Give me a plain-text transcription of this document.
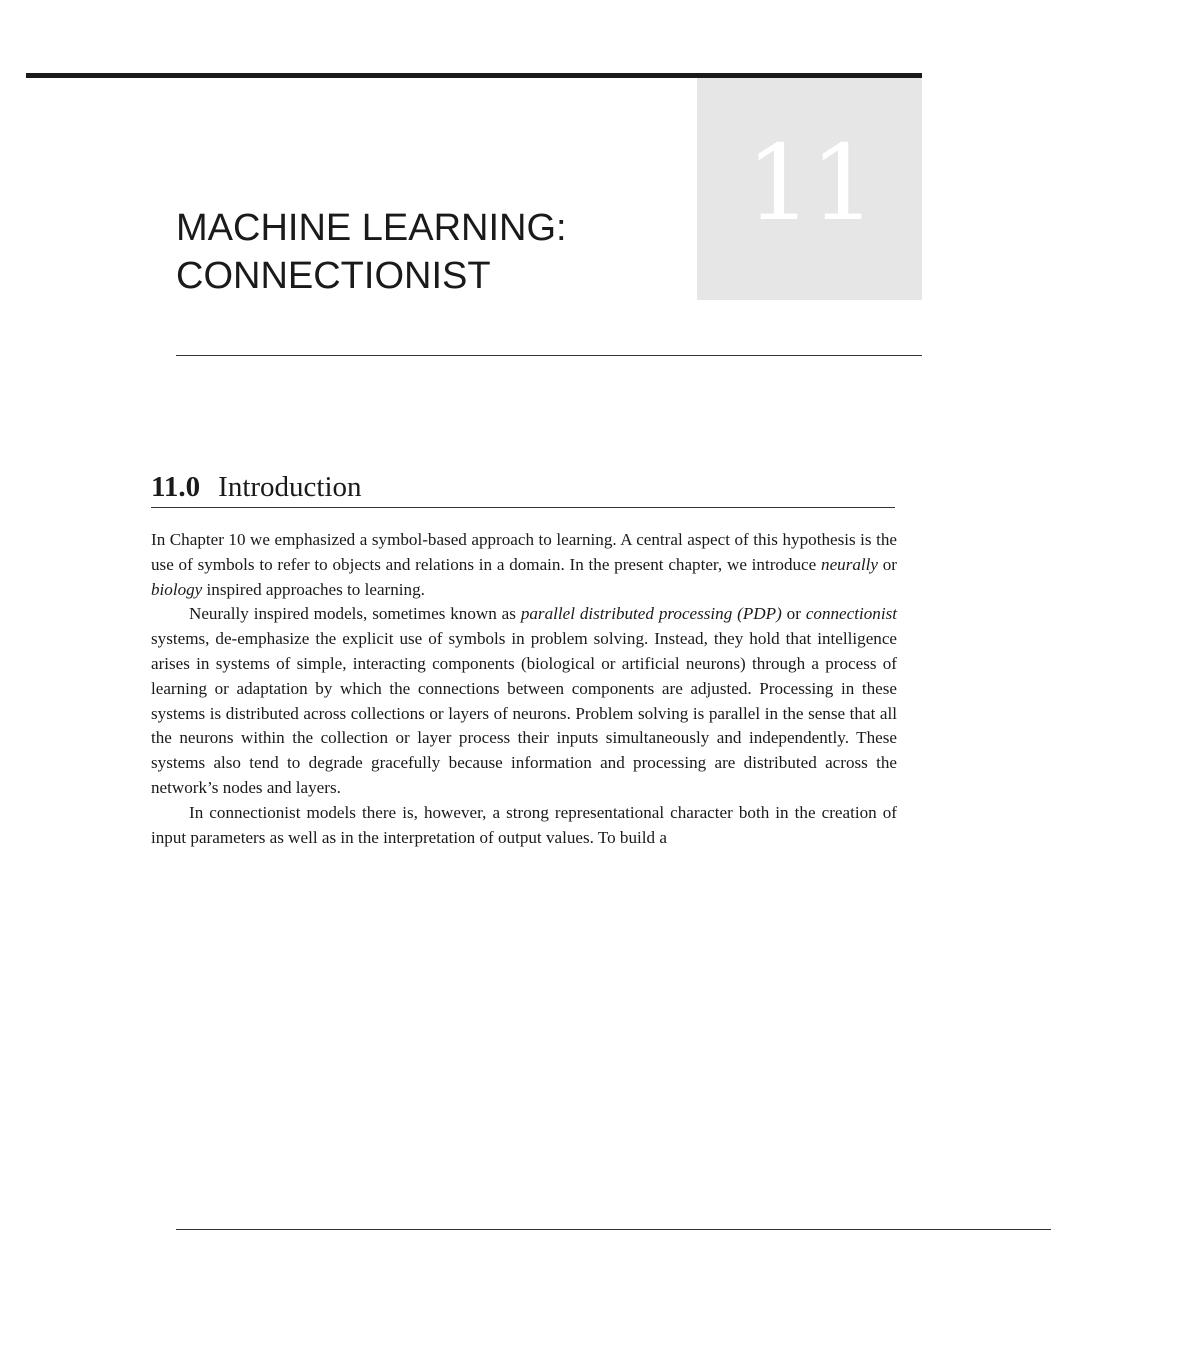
11
MACHINE LEARNING:
CONNECTIONIST
11.0 Introduction

In Chapter 10 we emphasized a symbol-based approach to learning. A central aspect of this hypothesis is the use of symbols to refer to objects and relations in a domain. In the present chapter, we introduce neurally or biology inspired approaches to learning.

Neurally inspired models, sometimes known as parallel distributed processing (PDP) or connectionist systems, de-emphasize the explicit use of symbols in problem solving. Instead, they hold that intelligence arises in systems of simple, interacting components (biological or artificial neurons) through a process of learning or adaptation by which the connections between components are adjusted. Processing in these systems is distributed across collections or layers of neurons. Problem solving is parallel in the sense that all the neurons within the collection or layer process their inputs simultaneously and independently. These systems also tend to degrade gracefully because information and processing are distributed across the network’s nodes and layers.

In connectionist models there is, however, a strong representational character both in the creation of input parameters as well as in the interpretation of output values. To build a
